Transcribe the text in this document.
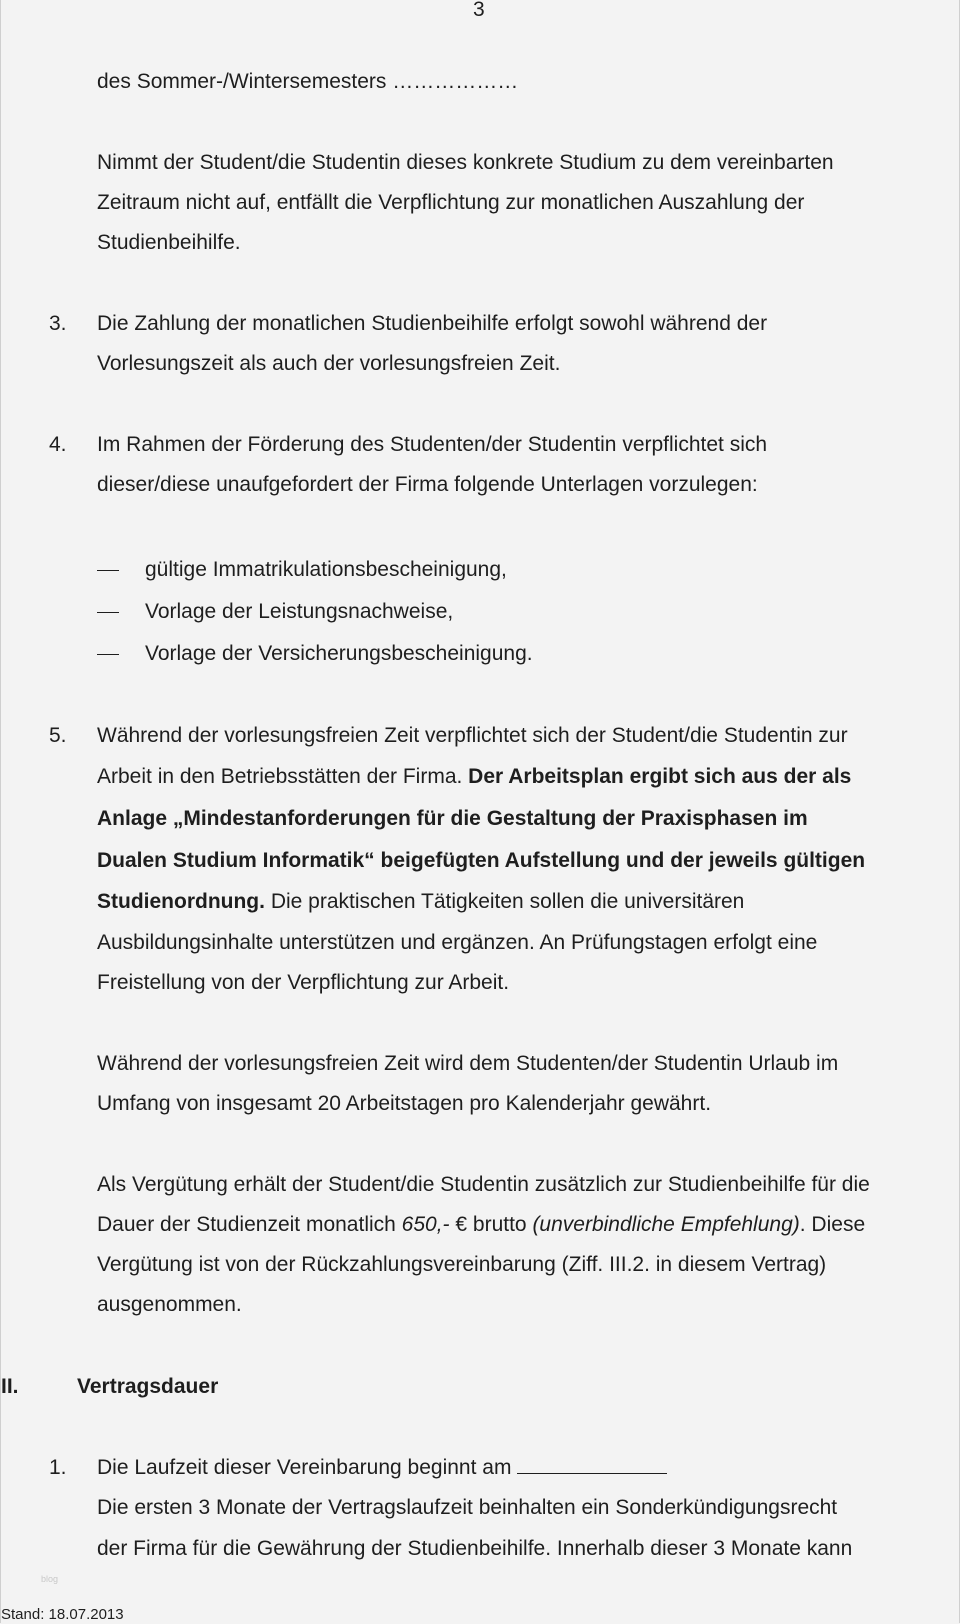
3
des Sommer-/Wintersemesters ………………
Nimmt der Student/die Studentin dieses konkrete Studium zu dem vereinbarten
Zeitraum nicht auf, entfällt die Verpflichtung zur monatlichen Auszahlung der
Studienbeihilfe.
3. Die Zahlung der monatlichen Studienbeihilfe erfolgt sowohl während der
Vorlesungszeit als auch der vorlesungsfreien Zeit.
4. Im Rahmen der Förderung des Studenten/der Studentin verpflichtet sich
dieser/diese unaufgefordert der Firma folgende Unterlagen vorzulegen:
gültige Immatrikulationsbescheinigung,
Vorlage der Leistungsnachweise,
Vorlage der Versicherungsbescheinigung.
5. Während der vorlesungsfreien Zeit verpflichtet sich der Student/die Studentin zur
Arbeit in den Betriebsstätten der Firma. Der Arbeitsplan ergibt sich aus der als
Anlage „Mindestanforderungen für die Gestaltung der Praxisphasen im
Dualen Studium Informatik“ beigefügten Aufstellung und der jeweils gültigen
Studienordnung. Die praktischen Tätigkeiten sollen die universitären
Ausbildungsinhalte unterstützen und ergänzen. An Prüfungstagen erfolgt eine
Freistellung von der Verpflichtung zur Arbeit.
Während der vorlesungsfreien Zeit wird dem Studenten/der Studentin Urlaub im
Umfang von insgesamt 20 Arbeitstagen pro Kalenderjahr gewährt.
Als Vergütung erhält der Student/die Studentin zusätzlich zur Studienbeihilfe für die
Dauer der Studienzeit monatlich 650,- € brutto (unverbindliche Empfehlung). Diese
Vergütung ist von der Rückzahlungsvereinbarung (Ziff. III.2. in diesem Vertrag)
ausgenommen.
II.	Vertragsdauer
1. Die Laufzeit dieser Vereinbarung beginnt am
Die ersten 3 Monate der Vertragslaufzeit beinhalten ein Sonderkündigungsrecht
der Firma für die Gewährung der Studienbeihilfe. Innerhalb dieser 3 Monate kann
blog
Stand: 18.07.2013
